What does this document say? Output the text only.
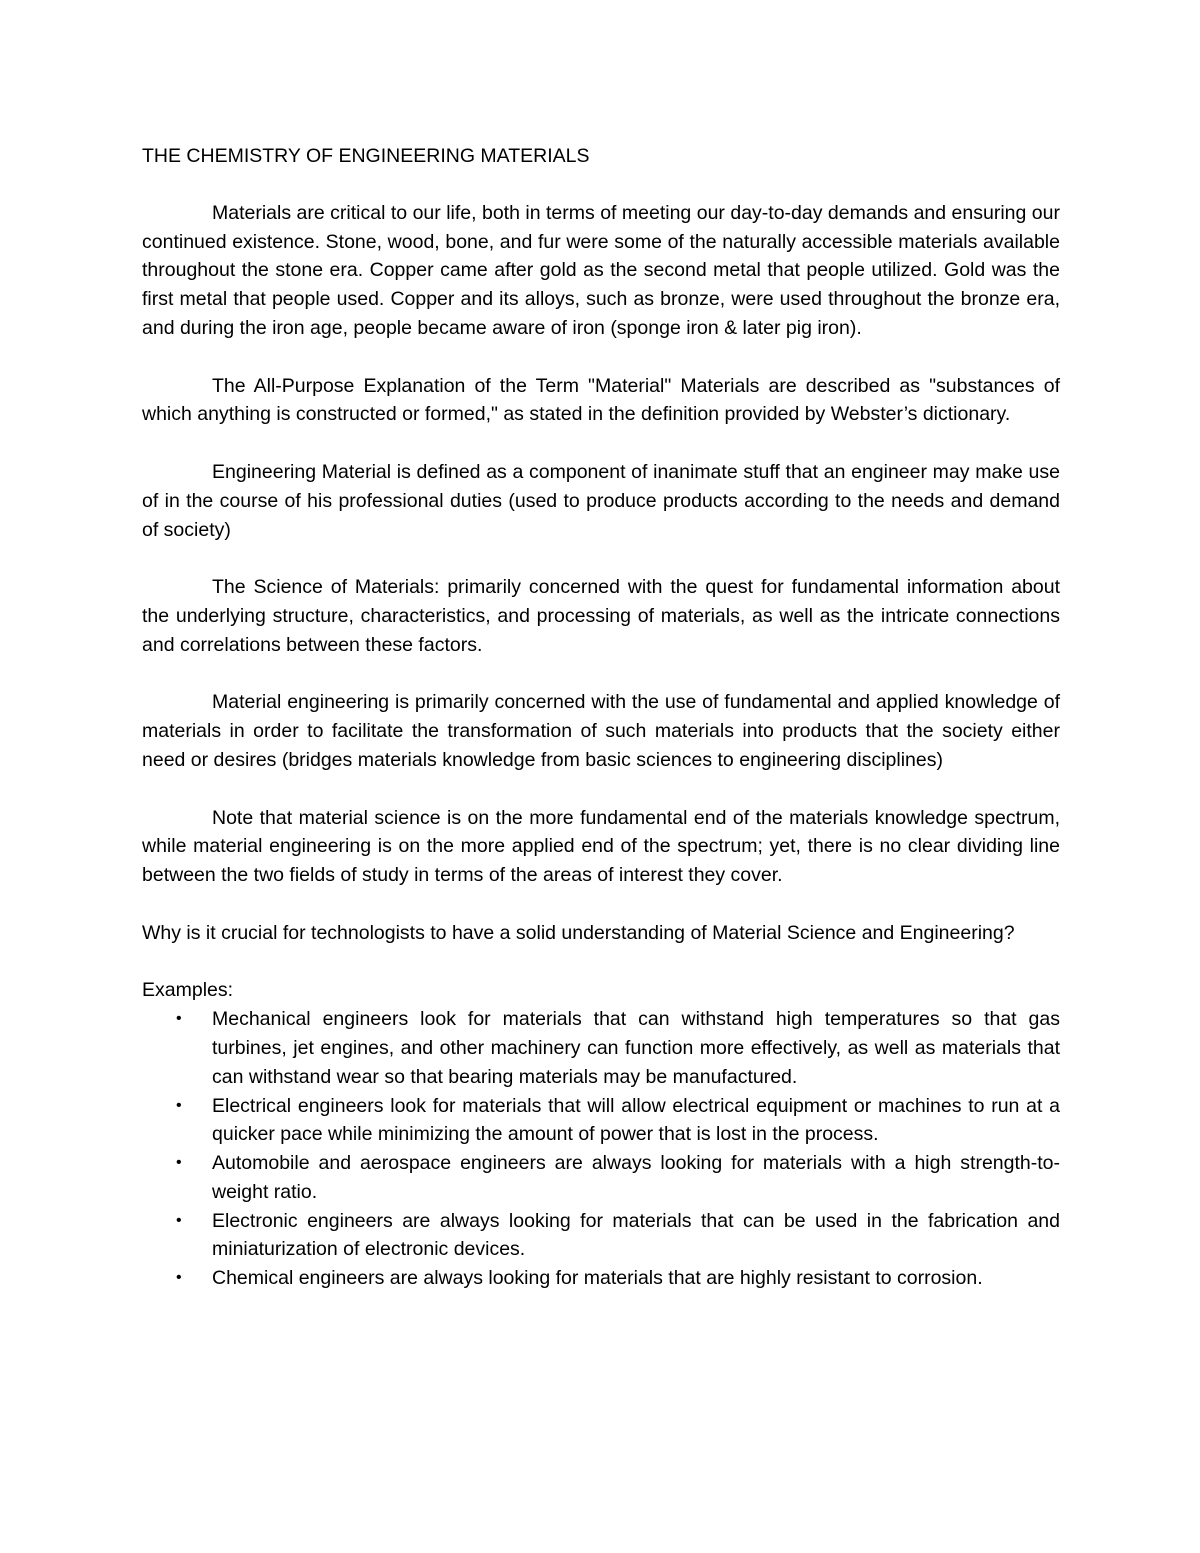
THE CHEMISTRY OF ENGINEERING MATERIALS

Materials are critical to our life, both in terms of meeting our day-to-day demands and ensuring our continued existence. Stone, wood, bone, and fur were some of the naturally accessible materials available throughout the stone era. Copper came after gold as the second metal that people utilized. Gold was the first metal that people used. Copper and its alloys, such as bronze, were used throughout the bronze era, and during the iron age, people became aware of iron (sponge iron & later pig iron).

The All-Purpose Explanation of the Term "Material" Materials are described as "substances of which anything is constructed or formed," as stated in the definition provided by Webster’s dictionary.

Engineering Material is defined as a component of inanimate stuff that an engineer may make use of in the course of his professional duties (used to produce products according to the needs and demand of society)

The Science of Materials: primarily concerned with the quest for fundamental information about the underlying structure, characteristics, and processing of materials, as well as the intricate connections and correlations between these factors.

Material engineering is primarily concerned with the use of fundamental and applied knowledge of materials in order to facilitate the transformation of such materials into products that the society either need or desires (bridges materials knowledge from basic sciences to engineering disciplines)

Note that material science is on the more fundamental end of the materials knowledge spectrum, while material engineering is on the more applied end of the spectrum; yet, there is no clear dividing line between the two fields of study in terms of the areas of interest they cover.

Why is it crucial for technologists to have a solid understanding of Material Science and Engineering?

Examples:

• Mechanical engineers look for materials that can withstand high temperatures so that gas turbines, jet engines, and other machinery can function more effectively, as well as materials that can withstand wear so that bearing materials may be manufactured.
• Electrical engineers look for materials that will allow electrical equipment or machines to run at a quicker pace while minimizing the amount of power that is lost in the process.
• Automobile and aerospace engineers are always looking for materials with a high strength-to-weight ratio.
• Electronic engineers are always looking for materials that can be used in the fabrication and miniaturization of electronic devices.
• Chemical engineers are always looking for materials that are highly resistant to corrosion.
